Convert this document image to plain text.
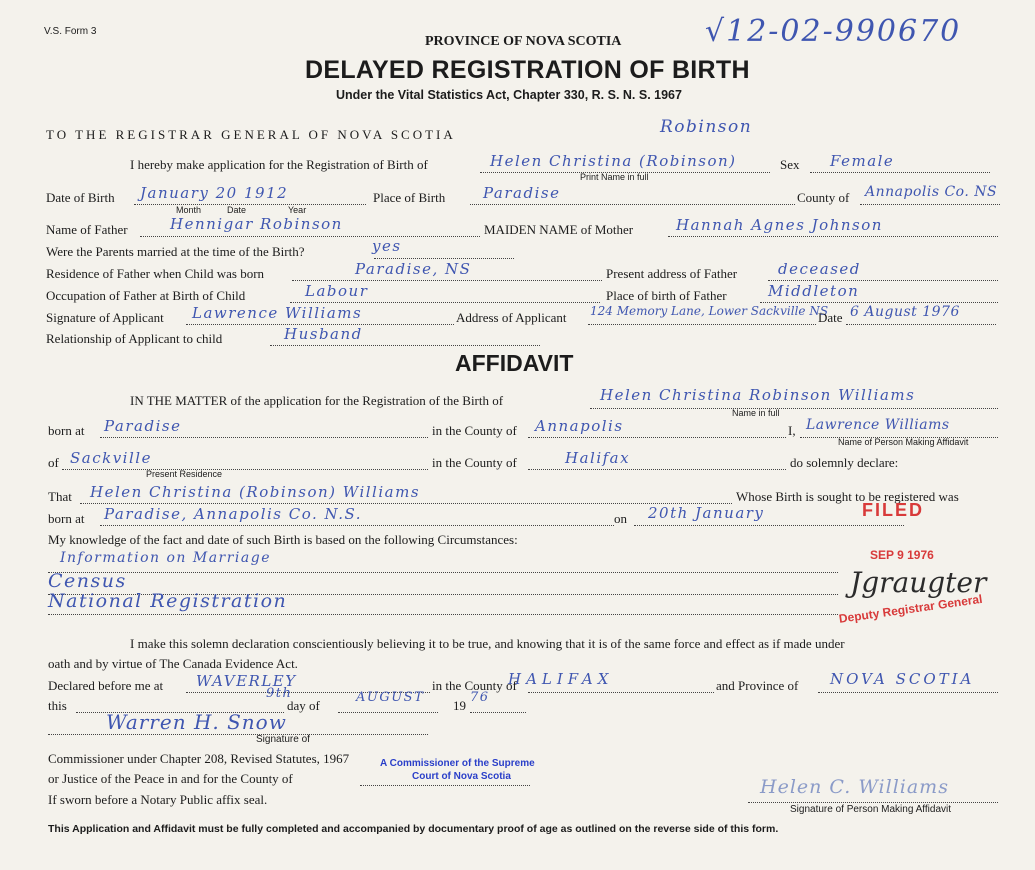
V.S. Form 3	√12-02-990670
PROVINCE OF NOVA SCOTIA
DELAYED REGISTRATION OF BIRTH
Under the Vital Statistics Act, Chapter 330, R. S. N. S. 1967
TO THE REGISTRAR GENERAL OF NOVA SCOTIA	Robinson
I hereby make application for the Registration of Birth of	Helen Christina (Robinson)
Print Name in full
Sex Female
Date of Birth January 20 1912
Month	Date	Year
Place of Birth	Paradise	County of Annapolis Co. NS
Name of Father	Hennigar Robinson	MAIDEN NAME of Mother	Hannah Agnes Johnson
Were the Parents married at the time of the Birth?	yes
Residence of Father when Child was born	Paradise, NS	Present address of Father	deceased
Occupation of Father at Birth of Child	Labour	Place of birth of Father	Middleton
Signature of Applicant Lawrence Williams	Address of Applicant 124 Memory Lane, Lower Sackville NS
Date 6 August 1976
Relationship of Applicant to child	Husband
AFFIDAVIT
IN THE MATTER of the application for the Registration of the Birth of	Helen Christina Robinson Williams
Name in full
born at Paradise	in the County of Annapolis	I, Lawrence Williams
Name of Person Making Affidavit
of Sackville
Present Residence
in the County of	Halifax	do solemnly declare:
That Helen Christina (Robinson) Williams	Whose Birth is sought to be registered was
born at Paradise, Annapolis Co. N.S.	on 20th January
My knowledge of the fact and date of such Birth is based on the following Circumstances:
Information on Marriage
Census
National Registration
FILED
SEP 9 1976
Jgraugter
Deputy Registrar General
I make this solemn declaration conscientiously believing it to be true, and knowing that it is of the same force and effect as if made under
oath and by virtue of The Canada Evidence Act.
Declared before me at WAVERLEY	in the County of
HALIFAX	and Province of NOVA SCOTIA
this
9th
day of
AUGUST
19
76
Warren H. Snow
Signature of
Commissioner under Chapter 208, Revised Statutes, 1967
or Justice of the Peace in and for the County of
A Commissioner of the Supreme
Court of Nova Scotia
If sworn before a Notary Public affix seal.
Helen C. Williams
Signature of Person Making Affidavit
This Application and Affidavit must be fully completed and accompanied by documentary proof of age as outlined on the reverse side of this form.
